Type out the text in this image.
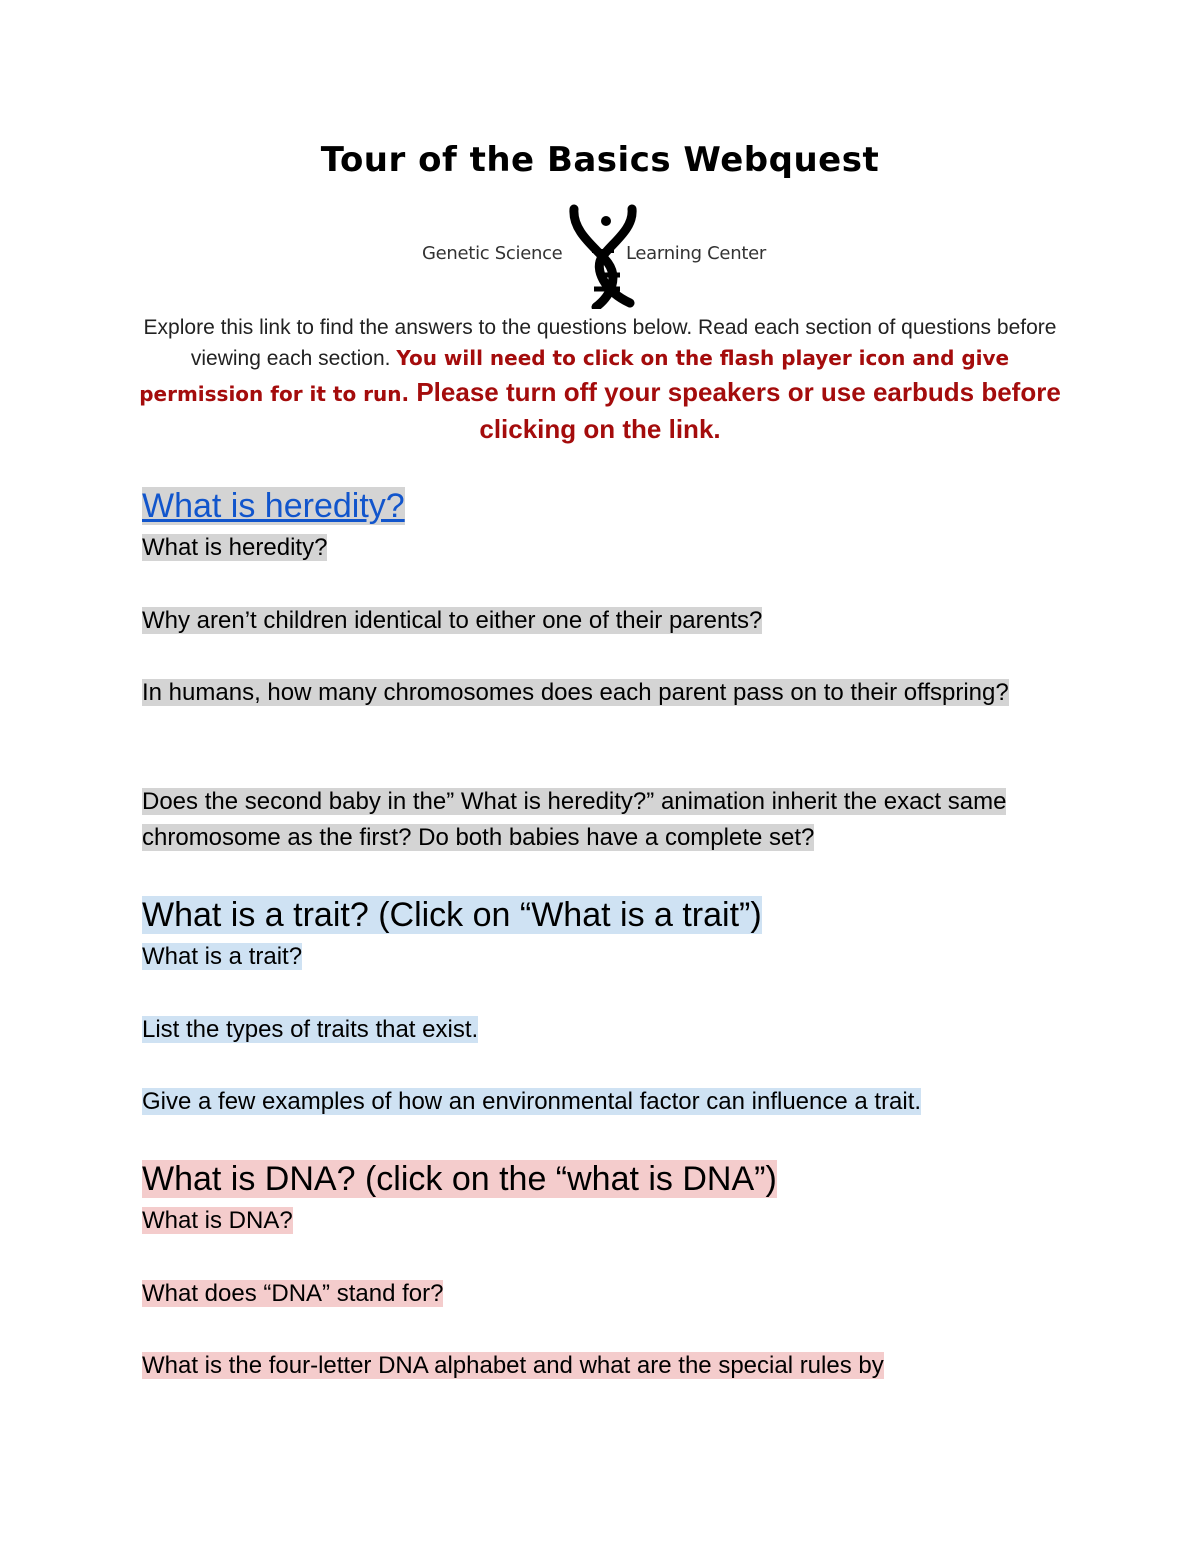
Tour of the Basics Webquest
Genetic Science	Learning Center
Explore this link to find the answers to the questions below. Read each section of questions before viewing each section. You will need to click on the flash player icon and give permission for it to run. Please turn off your speakers or use earbuds before clicking on the link.
What is heredity?
What is heredity?
Why aren’t children identical to either one of their parents?
In humans, how many chromosomes does each parent pass on to their offspring?
Does the second baby in the” What is heredity?” animation inherit the exact same chromosome as the first? Do both babies have a complete set?
What is a trait? (Click on “What is a trait”)
What is a trait?
List the types of traits that exist.
Give a few examples of how an environmental factor can influence a trait.
What is DNA? (click on the “what is DNA”)
What is DNA?
What does “DNA” stand for?
What is the four-letter DNA alphabet and what are the special rules by
